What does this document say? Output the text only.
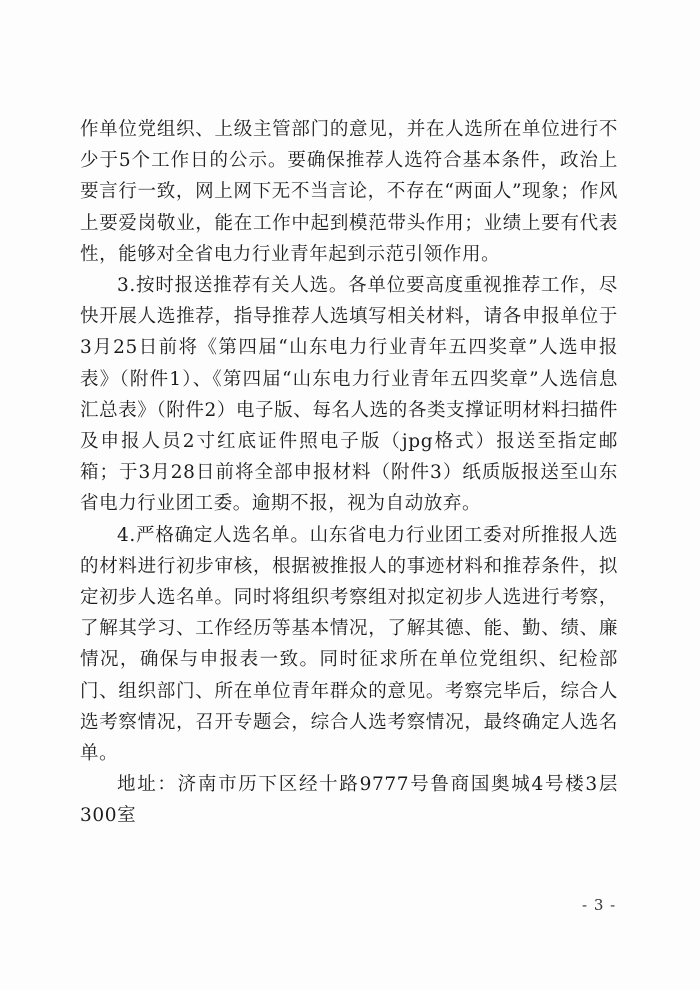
作单位党组织、上级主管部门的意见，并在人选所在单位进行不少于5个工作日的公示。要确保推荐人选符合基本条件，政治上要言行一致，网上网下无不当言论，不存在“两面人”现象；作风上要爱岗敬业，能在工作中起到模范带头作用；业绩上要有代表性，能够对全省电力行业青年起到示范引领作用。

3.按时报送推荐有关人选。各单位要高度重视推荐工作，尽快开展人选推荐，指导推荐人选填写相关材料，请各申报单位于3月25日前将《第四届“山东电力行业青年五四奖章”人选申报表》（附件1）、《第四届“山东电力行业青年五四奖章”人选信息汇总表》（附件2）电子版、每名人选的各类支撑证明材料扫描件及申报人员2寸红底证件照电子版（jpg格式）报送至指定邮箱；于3月28日前将全部申报材料（附件3）纸质版报送至山东省电力行业团工委。逾期不报，视为自动放弃。

4.严格确定人选名单。山东省电力行业团工委对所推报人选的材料进行初步审核，根据被推报人的事迹材料和推荐条件，拟定初步人选名单。同时将组织考察组对拟定初步人选进行考察，了解其学习、工作经历等基本情况，了解其德、能、勤、绩、廉情况，确保与申报表一致。同时征求所在单位党组织、纪检部门、组织部门、所在单位青年群众的意见。考察完毕后，综合人选考察情况，召开专题会，综合人选考察情况，最终确定人选名单。

地址：济南市历下区经十路9777号鲁商国奥城4号楼3层300室

- 3 -
